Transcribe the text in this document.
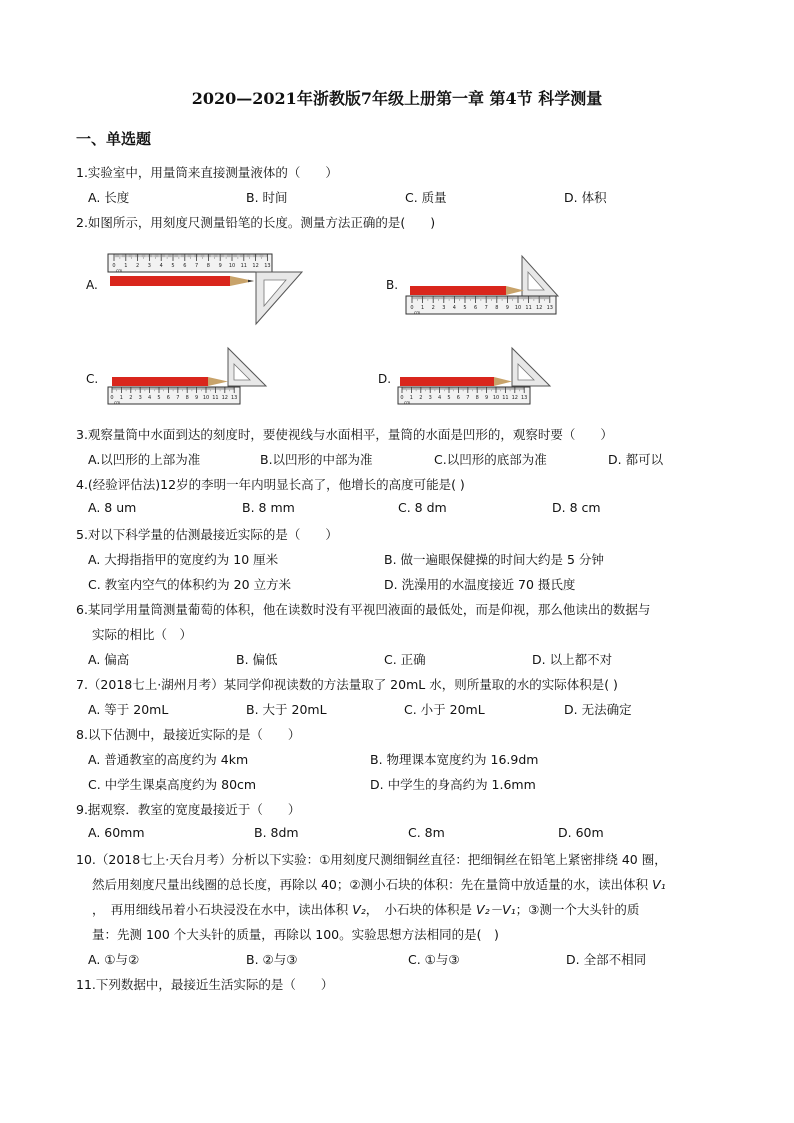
2020—2021年浙教版7年级上册第一章 第4节 科学测量
一、单选题
1.实验室中，用量筒来直接测量液体的（　　）
A. 长度	B. 时间	C. 质量	D. 体积
2.如图所示，用刻度尺测量铅笔的长度。测量方法正确的是(　　)
A.
0 1 2 3 4 5 6 7 8 9 10 11 12 13
cm
B.
0 1 2 3 4 5 6 7 8 9 10 11 12 13
cm
C.
0 1 2 3 4 5 6 7 8 9 10 11 12 13
cm
D.
0 1 2 3 4 5 6 7 8 9 10 11 12 13
cm
3.观察量筒中水面到达的刻度时，要使视线与水面相平，量筒的水面是凹形的，观察时要（　　）
A.以凹形的上部为准	B.以凹形的中部为准	C.以凹形的底部为准	D. 都可以
4.(经验评估法)12岁的李明一年内明显长高了，他增长的高度可能是( )
A. 8 um	B. 8 mm	C. 8 dm	D. 8 cm
5.对以下科学量的估测最接近实际的是（　　）
A. 大拇指指甲的宽度约为 10 厘米	B. 做一遍眼保健操的时间大约是 5 分钟
C. 教室内空气的体积约为 20 立方米	D. 洗澡用的水温度接近 70 摄氏度
6.某同学用量筒测量葡萄的体积，他在读数时没有平视凹液面的最低处，而是仰视，那么他读出的数据与
实际的相比（　）
A. 偏高	B. 偏低	C. 正确	D. 以上都不对
7.（2018七上·湖州月考）某同学仰视读数的方法量取了 20mL 水，则所量取的水的实际体积是( )
A. 等于 20mL	B. 大于 20mL	C. 小于 20mL	D. 无法确定
8.以下估测中，最接近实际的是（　　）
A. 普通教室的高度约为 4km	B. 物理课本宽度约为 16.9dm
C. 中学生课桌高度约为 80cm	D. 中学生的身高约为 1.6mm
9.据观察．教室的宽度最接近于（　　）
A. 60mm	B. 8dm	C. 8m	D. 60m
10.（2018七上·天台月考）分析以下实验：①用刻度尺测细铜丝直径：把细铜丝在铅笔上紧密排绕 40 圈，
然后用刻度尺量出线圈的总长度，再除以 40；②测小石块的体积：先在量筒中放适量的水，读出体积 V₁
，　再用细线吊着小石块浸没在水中，读出体积 V₂，　小石块的体积是 V₂－V₁；③测一个大头针的质
量：先测 100 个大头针的质量，再除以 100。实验思想方法相同的是(　)
A. ①与②	B. ②与③	C. ①与③	D. 全部不相同
11.下列数据中，最接近生活实际的是（　　）
